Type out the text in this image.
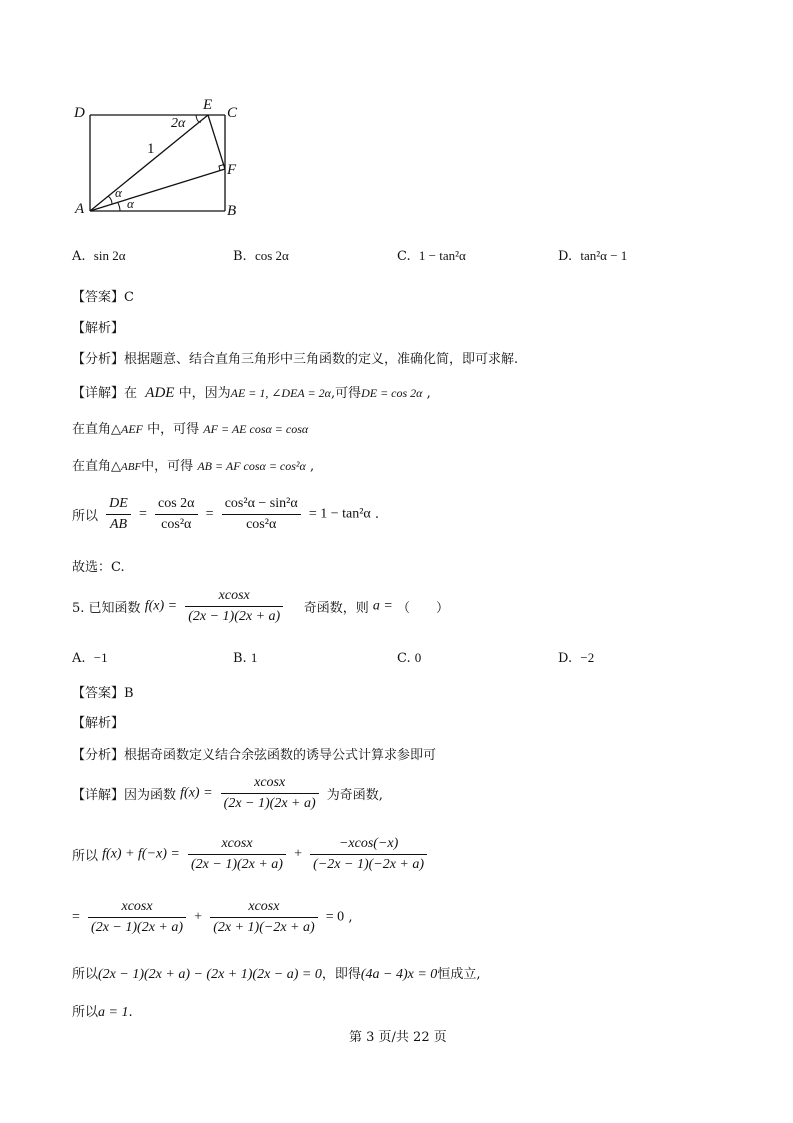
D	E C
F
A	B
2α
1
α
α
A. sin 2α	B. cos 2α	C. 1 − tan²α	D. tan²α − 1
【答案】C
【解析】
【分析】根据题意、结合直角三角形中三角函数的定义，准确化简，即可求解.
【详解】在 ADE 中，因为AE = 1, ∠DEA = 2α,可得DE = cos 2α ,
在直角△AEF 中，可得 AF = AE cosα = cosα
在直角△ABF中，可得 AB = AF cosα = cos²α ,
所以 $\frac{DE}{AB} = \frac{\cos 2\alpha}{\text{cos²α}} = \frac{\text{cos²α − sin²α}}{\text{cos²α}} = 1 - \tan^2\alpha$ .
故选：C.
5. 已知函数 $f(x) = \frac{xcosx}{(2x - 1)(2x + a)}$ 奇函数，则 a = （　　）
A. −1	B. 1	C. 0	D. −2
【答案】B
【解析】
【分析】根据奇函数定义结合余弦函数的诱导公式计算求参即可
【详解】因为函数 $f(x) = \frac{xcosx}{(2x - 1)(2x + a)}$ 为奇函数,
所以 $f(x) + f(-x) = \frac{xcosx}{(2x - 1)(2x + a)} + \frac{-xcos(-x)}{(-2x - 1)(-2x + a)}$
= $\frac{xcosx}{(2x - 1)(2x + a)} + \frac{xcosx}{(2x + 1)(-2x + a)} = 0$ ,
所以(2x − 1)(2x + a) − (2x + 1)(2x − a) = 0，即得(4a − 4)x = 0恒成立,
所以a = 1.
第 3 页/共 22 页
